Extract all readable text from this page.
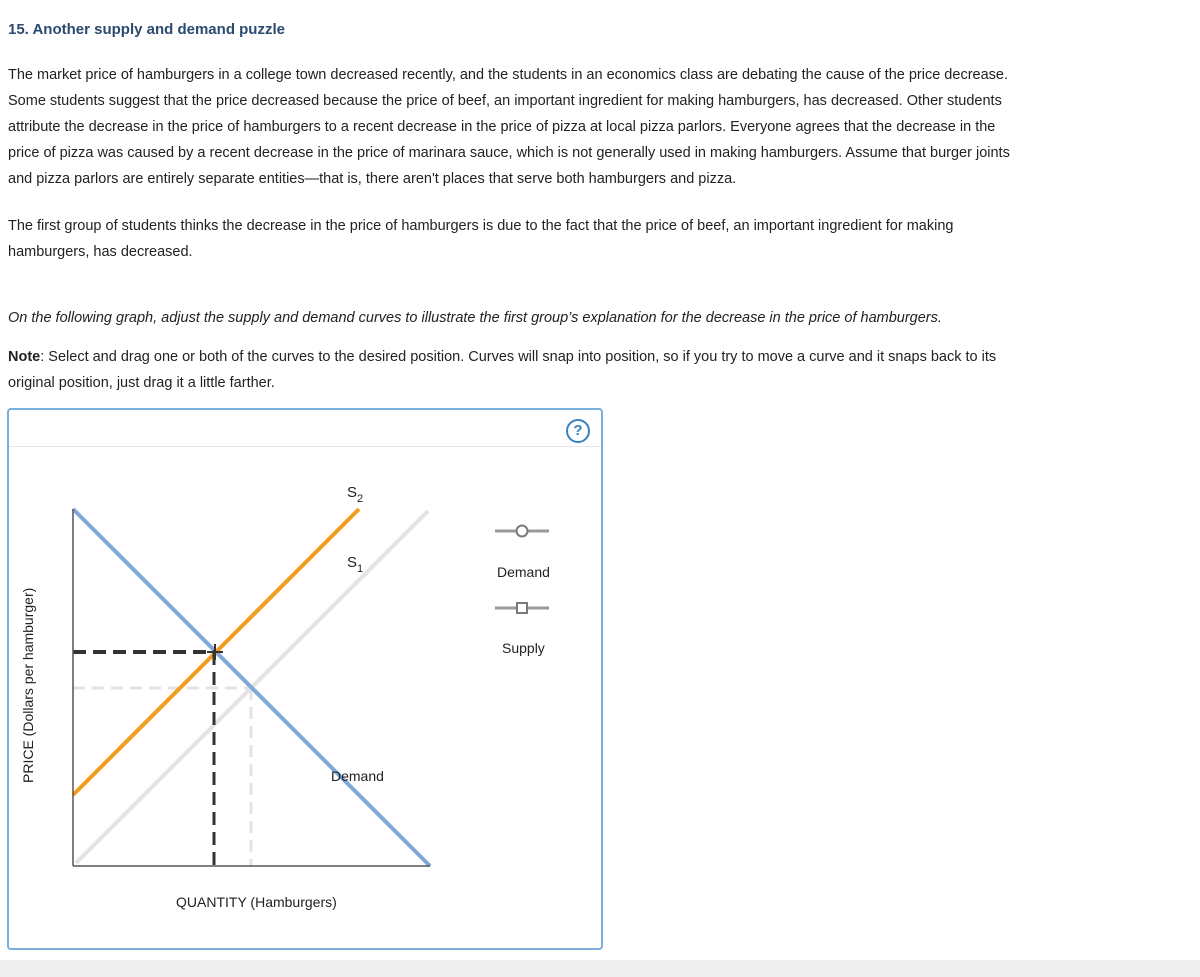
15. Another supply and demand puzzle

The market price of hamburgers in a college town decreased recently, and the students in an economics class are debating the cause of the price decrease. Some students suggest that the price decreased because the price of beef, an important ingredient for making hamburgers, has decreased. Other students attribute the decrease in the price of hamburgers to a recent decrease in the price of pizza at local pizza parlors. Everyone agrees that the decrease in the price of pizza was caused by a recent decrease in the price of marinara sauce, which is not generally used in making hamburgers. Assume that burger joints and pizza parlors are entirely separate entities—that is, there aren't places that serve both hamburgers and pizza.

The first group of students thinks the decrease in the price of hamburgers is due to the fact that the price of beef, an important ingredient for making hamburgers, has decreased.

On the following graph, adjust the supply and demand curves to illustrate the first group’s explanation for the decrease in the price of hamburgers.

Note: Select and drag one or both of the curves to the desired position. Curves will snap into position, so if you try to move a curve and it snaps back to its original position, just drag it a little farther.

?
$S_2$
$S_1$
Demand
QUANTITY (Hamburgers)
PRICE (Dollars per hamburger)
Demand
Supply
